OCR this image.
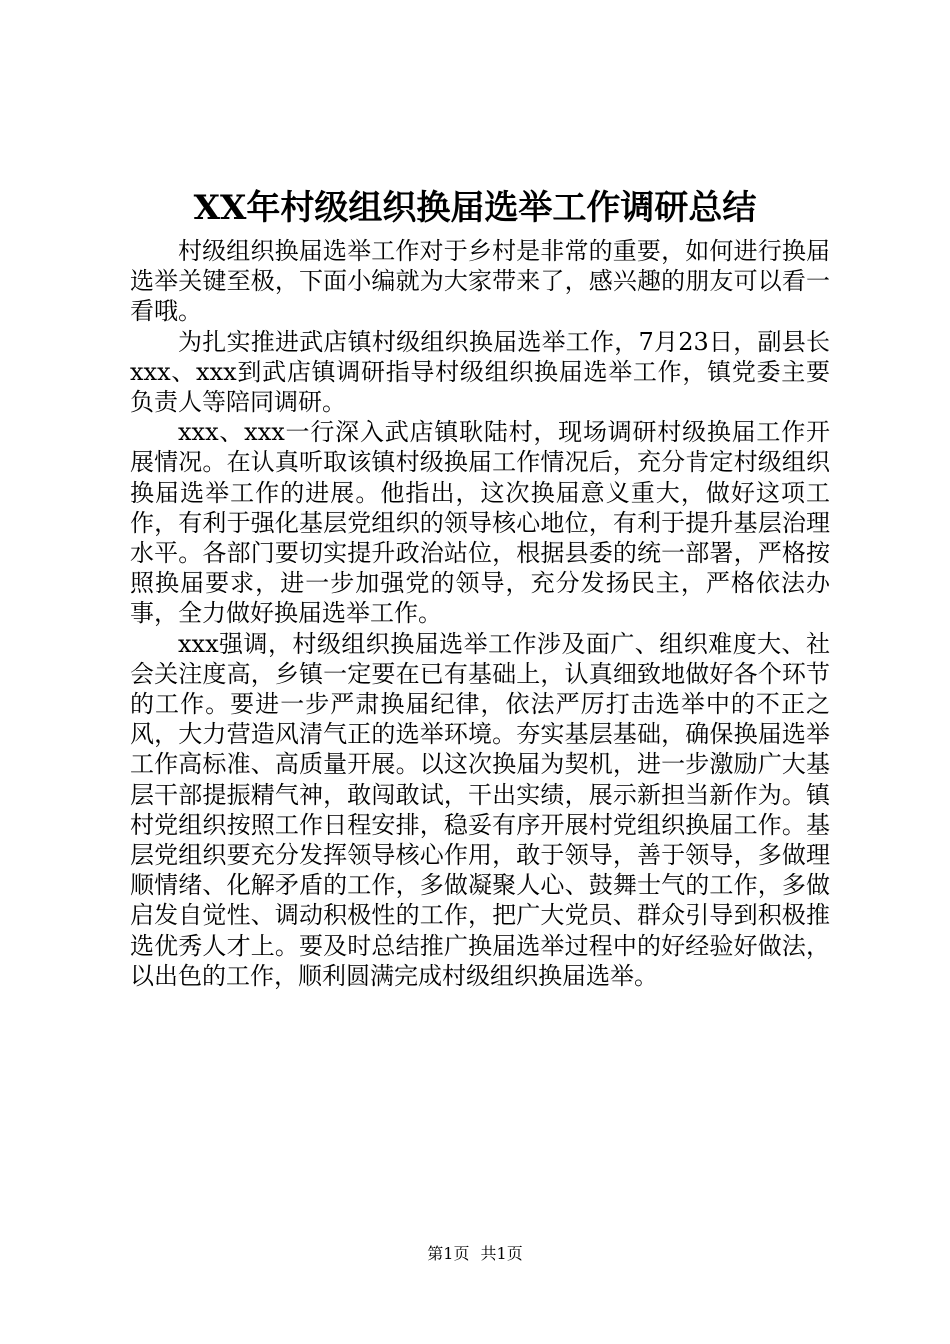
XX年村级组织换届选举工作调研总结

村级组织换届选举工作对于乡村是非常的重要，如何进行换届选举关键至极，下面小编就为大家带来了，感兴趣的朋友可以看一看哦。

为扎实推进武店镇村级组织换届选举工作，7月23日，副县长xxx、xxx到武店镇调研指导村级组织换届选举工作，镇党委主要负责人等陪同调研。

xxx、xxx一行深入武店镇耿陆村，现场调研村级换届工作开展情况。在认真听取该镇村级换届工作情况后，充分肯定村级组织换届选举工作的进展。他指出，这次换届意义重大，做好这项工作，有利于强化基层党组织的领导核心地位，有利于提升基层治理水平。各部门要切实提升政治站位，根据县委的统一部署，严格按照换届要求，进一步加强党的领导，充分发扬民主，严格依法办事，全力做好换届选举工作。

xxx强调，村级组织换届选举工作涉及面广、组织难度大、社会关注度高，乡镇一定要在已有基础上，认真细致地做好各个环节的工作。要进一步严肃换届纪律，依法严厉打击选举中的不正之风，大力营造风清气正的选举环境。夯实基层基础，确保换届选举工作高标准、高质量开展。以这次换届为契机，进一步激励广大基层干部提振精气神，敢闯敢试，干出实绩，展示新担当新作为。镇村党组织按照工作日程安排，稳妥有序开展村党组织换届工作。基层党组织要充分发挥领导核心作用，敢于领导，善于领导，多做理顺情绪、化解矛盾的工作，多做凝聚人心、鼓舞士气的工作，多做启发自觉性、调动积极性的工作，把广大党员、群众引导到积极推选优秀人才上。要及时总结推广换届选举过程中的好经验好做法，以出色的工作，顺利圆满完成村级组织换届选举。

第1页 共1页
